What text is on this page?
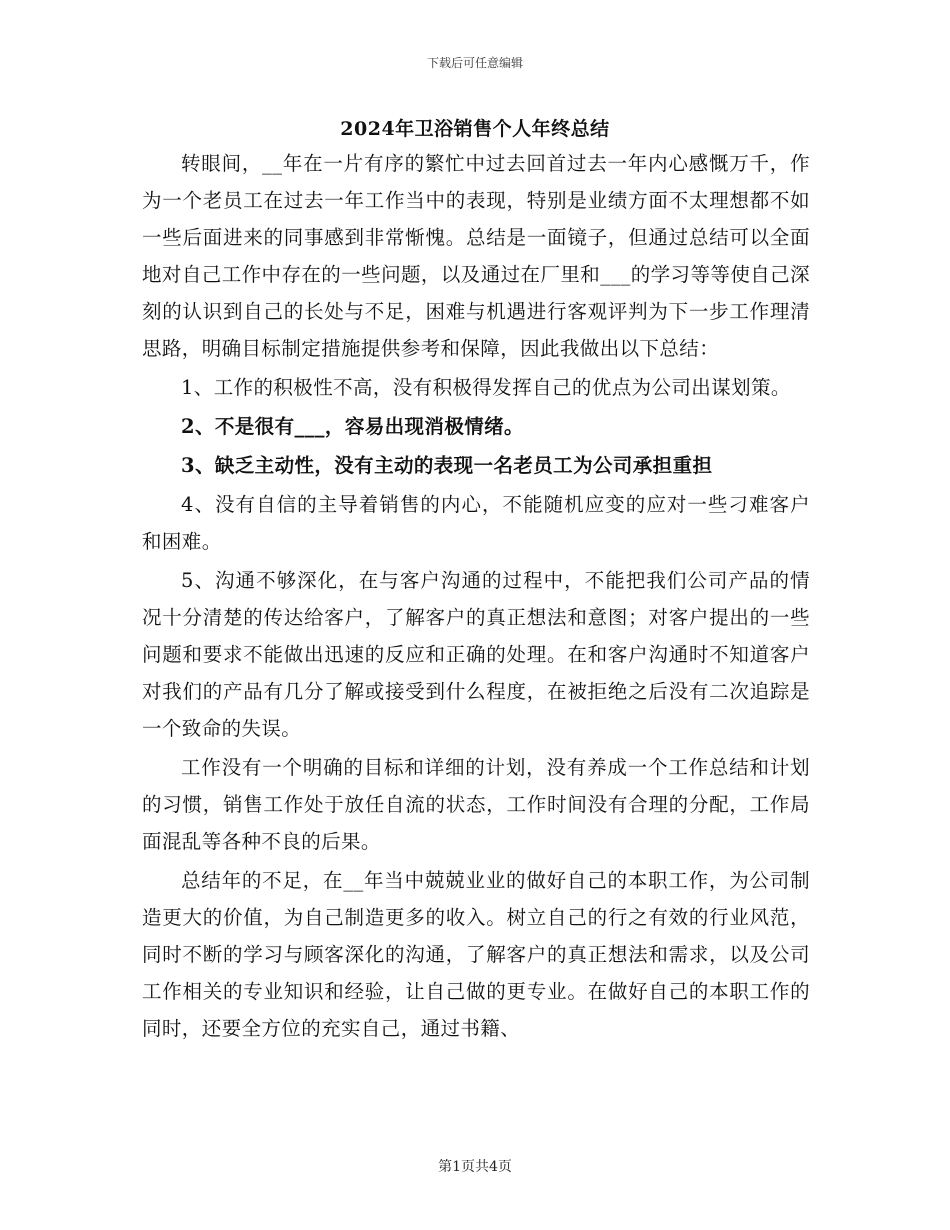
下载后可任意编辑
2024年卫浴销售个人年终总结

转眼间，__年在一片有序的繁忙中过去回首过去一年内心感慨万千，作为一个老员工在过去一年工作当中的表现，特别是业绩方面不太理想都不如一些后面进来的同事感到非常惭愧。总结是一面镜子，但通过总结可以全面地对自己工作中存在的一些问题，以及通过在厂里和___的学习等等使自己深刻的认识到自己的长处与不足，困难与机遇进行客观评判为下一步工作理清思路，明确目标制定措施提供参考和保障，因此我做出以下总结：

1、工作的积极性不高，没有积极得发挥自己的优点为公司出谋划策。

2、不是很有___，容易出现消极情绪。

3、缺乏主动性，没有主动的表现一名老员工为公司承担重担

4、没有自信的主导着销售的内心，不能随机应变的应对一些刁难客户和困难。

5、沟通不够深化，在与客户沟通的过程中，不能把我们公司产品的情况十分清楚的传达给客户，了解客户的真正想法和意图；对客户提出的一些问题和要求不能做出迅速的反应和正确的处理。在和客户沟通时不知道客户对我们的产品有几分了解或接受到什么程度，在被拒绝之后没有二次追踪是一个致命的失误。

工作没有一个明确的目标和详细的计划，没有养成一个工作总结和计划的习惯，销售工作处于放任自流的状态，工作时间没有合理的分配，工作局面混乱等各种不良的后果。

总结年的不足，在__年当中兢兢业业的做好自己的本职工作，为公司制造更大的价值，为自己制造更多的收入。树立自己的行之有效的行业风范，同时不断的学习与顾客深化的沟通，了解客户的真正想法和需求，以及公司工作相关的专业知识和经验，让自己做的更专业。在做好自己的本职工作的同时，还要全方位的充实自己，通过书籍、

第1页共4页
